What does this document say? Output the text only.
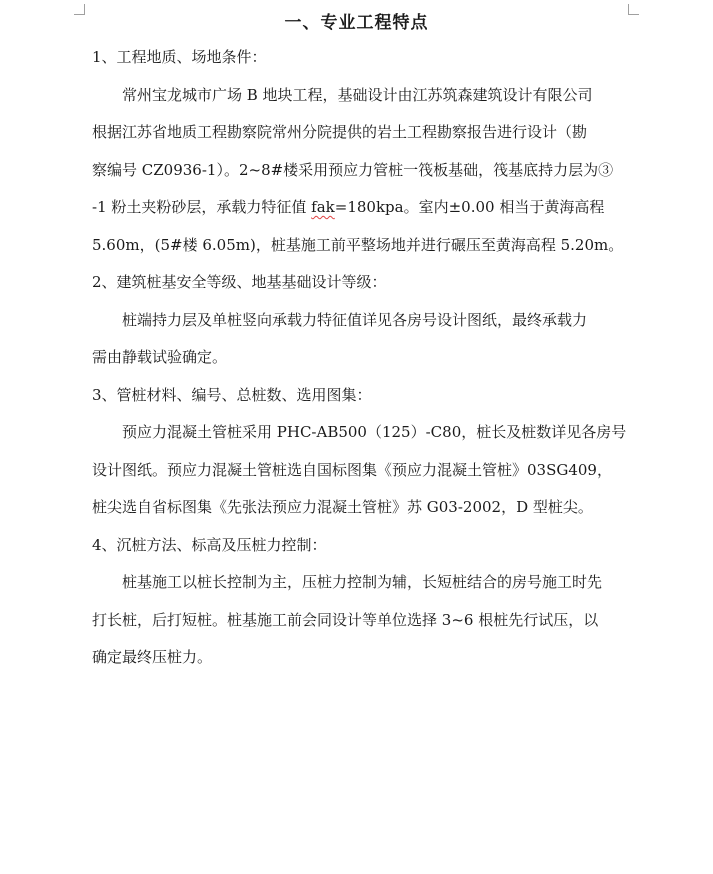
一、专业工程特点
1、工程地质、场地条件：
常州宝龙城市广场 B 地块工程，基础设计由江苏筑森建筑设计有限公司
根据江苏省地质工程勘察院常州分院提供的岩土工程勘察报告进行设计（勘
察编号 CZ0936-1）。2~8#楼采用预应力管桩一筏板基础，筏基底持力层为③
-1 粉土夹粉砂层，承载力特征值 fak=180kpa。室内±0.00 相当于黄海高程
5.60m，(5#楼 6.05m)，桩基施工前平整场地并进行碾压至黄海高程 5.20m。
2、建筑桩基安全等级、地基基础设计等级：
桩端持力层及单桩竖向承载力特征值详见各房号设计图纸，最终承载力
需由静载试验确定。
3、管桩材料、编号、总桩数、选用图集：
预应力混凝土管桩采用 PHC-AB500（125）-C80，桩长及桩数详见各房号
设计图纸。预应力混凝土管桩选自国标图集《预应力混凝土管桩》03SG409，
桩尖选自省标图集《先张法预应力混凝土管桩》苏 G03-2002，D 型桩尖。
4、沉桩方法、标高及压桩力控制：
桩基施工以桩长控制为主，压桩力控制为辅，长短桩结合的房号施工时先
打长桩，后打短桩。桩基施工前会同设计等单位选择 3~6 根桩先行试压，以
确定最终压桩力。
